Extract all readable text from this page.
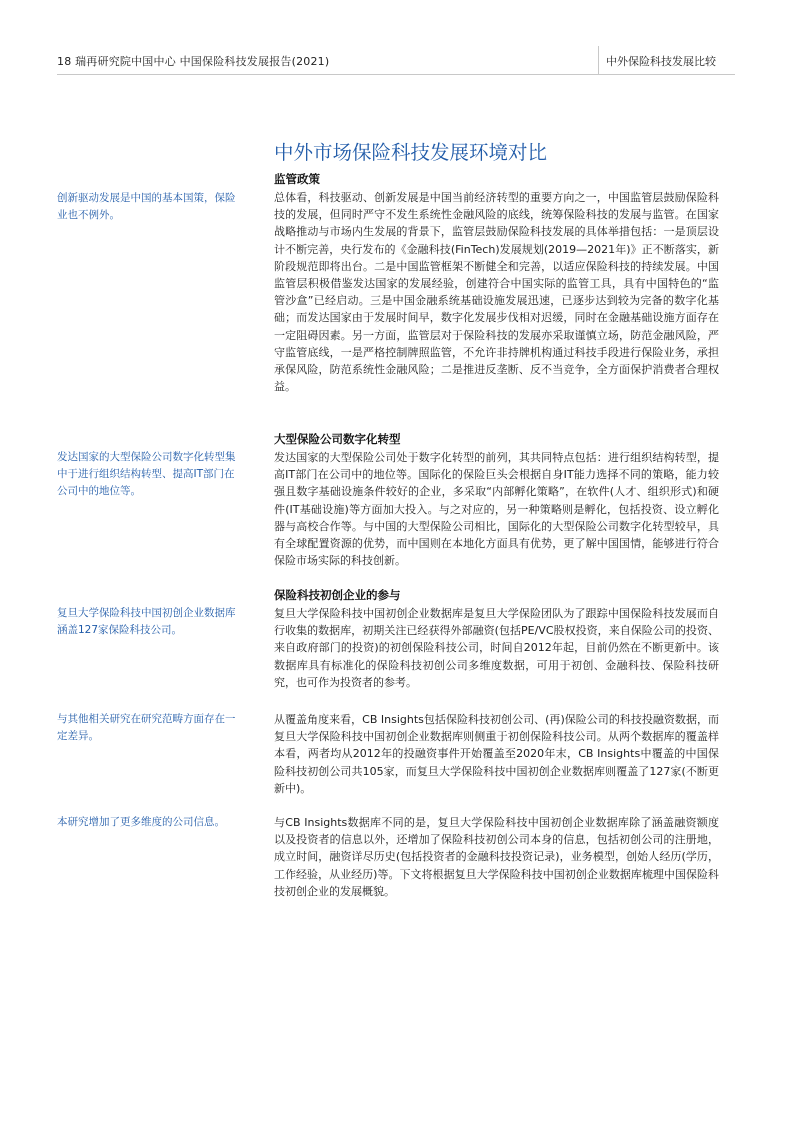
18 瑞再研究院中国中心 中国保险科技发展报告(2021)	中外保险科技发展比较
中外市场保险科技发展环境对比
创新驱动发展是中国的基本国策，保险业也不例外。
监管政策

总体看，科技驱动、创新发展是中国当前经济转型的重要方向之一，中国监管层鼓励保险科技的发展，但同时严守不发生系统性金融风险的底线，统筹保险科技的发展与监管。在国家战略推动与市场内生发展的背景下，监管层鼓励保险科技发展的具体举措包括：一是顶层设计不断完善，央行发布的《金融科技(FinTech)发展规划(2019—2021年)》正不断落实，新阶段规范即将出台。二是中国监管框架不断健全和完善，以适应保险科技的持续发展。中国监管层积极借鉴发达国家的发展经验，创建符合中国实际的监管工具，具有中国特色的“监管沙盒”已经启动。三是中国金融系统基础设施发展迅速，已逐步达到较为完备的数字化基础；而发达国家由于发展时间早，数字化发展步伐相对迟缓，同时在金融基础设施方面存在一定阻碍因素。另一方面，监管层对于保险科技的发展亦采取谨慎立场，防范金融风险，严守监管底线，一是严格控制牌照监管，不允许非持牌机构通过科技手段进行保险业务，承担承保风险，防范系统性金融风险；二是推进反垄断、反不当竞争，全方面保护消费者合理权益。

发达国家的大型保险公司数字化转型集中于进行组织结构转型、提高IT部门在公司中的地位等。
大型保险公司数字化转型

发达国家的大型保险公司处于数字化转型的前列，其共同特点包括：进行组织结构转型，提高IT部门在公司中的地位等。国际化的保险巨头会根据自身IT能力选择不同的策略，能力较强且数字基础设施条件较好的企业，多采取“内部孵化策略”，在软件(人才、组织形式)和硬件(IT基础设施)等方面加大投入。与之对应的，另一种策略则是孵化，包括投资、设立孵化器与高校合作等。与中国的大型保险公司相比，国际化的大型保险公司数字化转型较早，具有全球配置资源的优势，而中国则在本地化方面具有优势，更了解中国国情，能够进行符合保险市场实际的科技创新。

复旦大学保险科技中国初创企业数据库涵盖127家保险科技公司。
保险科技初创企业的参与

复旦大学保险科技中国初创企业数据库是复旦大学保险团队为了跟踪中国保险科技发展而自行收集的数据库，初期关注已经获得外部融资(包括PE/VC股权投资，来自保险公司的投资、来自政府部门的投资)的初创保险科技公司，时间自2012年起，目前仍然在不断更新中。该数据库具有标准化的保险科技初创公司多维度数据，可用于初创、金融科技、保险科技研究，也可作为投资者的参考。

与其他相关研究在研究范畴方面存在一定差异。

从覆盖角度来看，CB Insights包括保险科技初创公司、(再)保险公司的科技投融资数据，而复旦大学保险科技中国初创企业数据库则侧重于初创保险科技公司。从两个数据库的覆盖样本看，两者均从2012年的投融资事件开始覆盖至2020年末，CB Insights中覆盖的中国保险科技初创公司共105家，而复旦大学保险科技中国初创企业数据库则覆盖了127家(不断更新中)。

本研究增加了更多维度的公司信息。	与CB Insights数据库不同的是，复旦大学保险科技中国初创企业数据库除了涵盖融资额度以及投资者的信息以外，还增加了保险科技初创公司本身的信息，包括初创公司的注册地，成立时间，融资详尽历史(包括投资者的金融科技投资记录)，业务模型，创始人经历(学历，工作经验，从业经历)等。下文将根据复旦大学保险科技中国初创企业数据库梳理中国保险科技初创企业的发展概貌。
